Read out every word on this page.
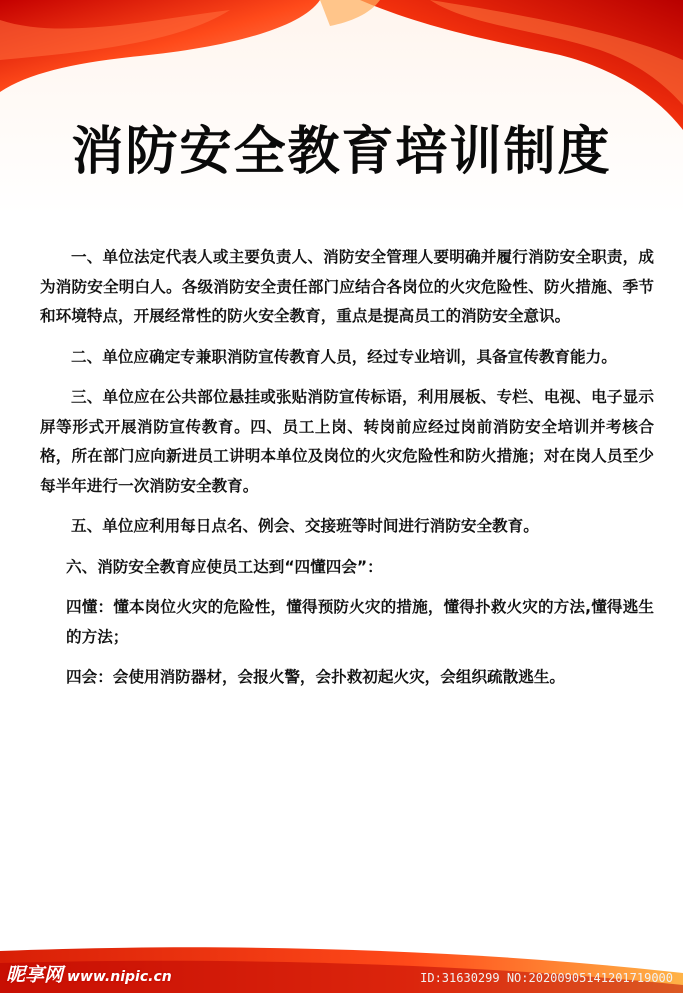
消防安全教育培训制度

一、单位法定代表人或主要负责人、消防安全管理人要明确并履行消防安全职责，成为消防安全明白人。各级消防安全责任部门应结合各岗位的火灾危险性、防火措施、季节和环境特点，开展经常性的防火安全教育，重点是提高员工的消防安全意识。

二、单位应确定专兼职消防宣传教育人员，经过专业培训，具备宣传教育能力。

三、单位应在公共部位悬挂或张贴消防宣传标语，利用展板、专栏、电视、电子显示屏等形式开展消防宣传教育。四、员工上岗、转岗前应经过岗前消防安全培训并考核合格，所在部门应向新进员工讲明本单位及岗位的火灾危险性和防火措施；对在岗人员至少每半年进行一次消防安全教育。

五、单位应利用每日点名、例会、交接班等时间进行消防安全教育。

六、消防安全教育应使员工达到“四懂四会”：

四懂：懂本岗位火灾的危险性，懂得预防火灾的措施，懂得扑救火灾的方法,懂得逃生的方法；

四会：会使用消防器材，会报火警，会扑救初起火灾，会组织疏散逃生。

昵享网 www.nipic.cn	ID:31630299 NO:20200905141201719000
